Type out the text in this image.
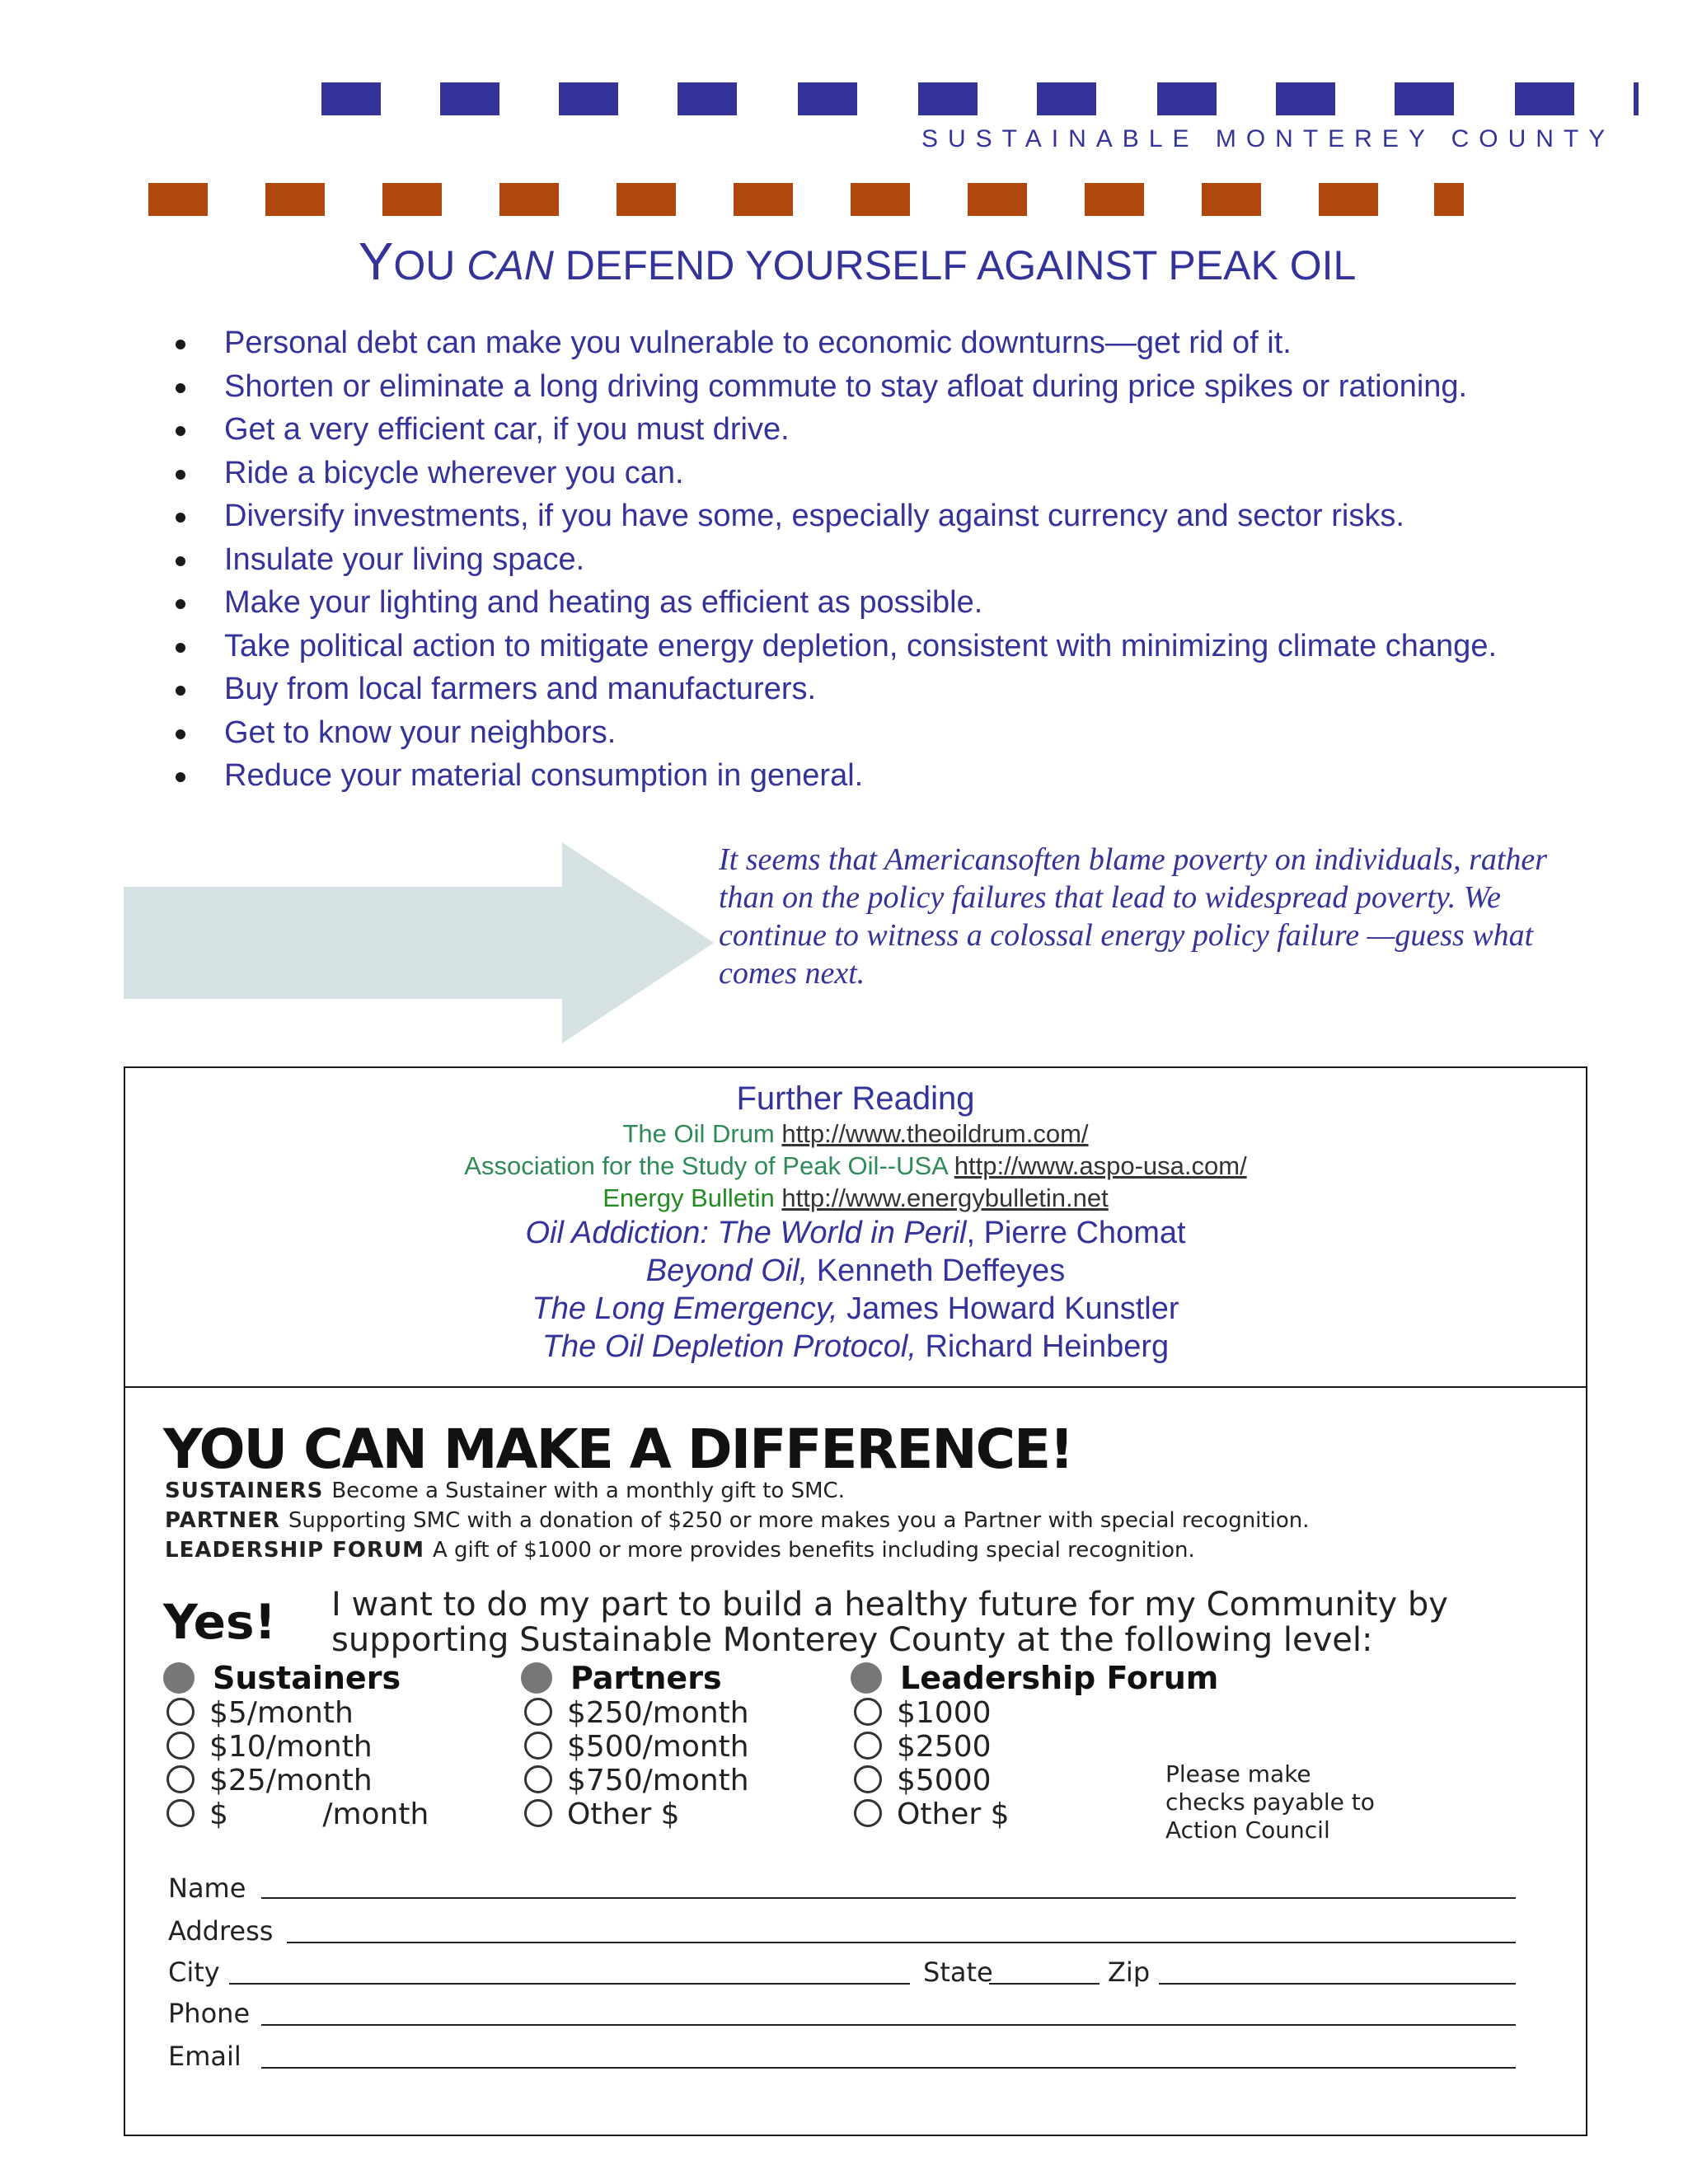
SUSTAINABLE MONTEREY COUNTY
YOU CAN DEFEND YOURSELF AGAINST PEAK OIL
Personal debt can make you vulnerable to economic downturns—get rid of it.
Shorten or eliminate a long driving commute to stay afloat during price spikes or rationing.
Get a very efficient car, if you must drive.
Ride a bicycle wherever you can.
Diversify investments, if you have some, especially against currency and sector risks.
Insulate your living space.
Make your lighting and heating as efficient as possible.
Take political action to mitigate energy depletion, consistent with minimizing climate change.
Buy from local farmers and manufacturers.
Get to know your neighbors.
Reduce your material consumption in general.
It seems that Americansoften blame poverty on individuals, rather than on the policy failures that lead to widespread poverty. We continue to witness a colossal energy policy failure —guess what comes next.
Further Reading
The Oil Drum http://www.theoildrum.com/
Association for the Study of Peak Oil--USA http://www.aspo-usa.com/
Energy Bulletin http://www.energybulletin.net
Oil Addiction: The World in Peril, Pierre Chomat
Beyond Oil, Kenneth Deffeyes
The Long Emergency, James Howard Kunstler
The Oil Depletion Protocol, Richard Heinberg
YOU CAN MAKE A DIFFERENCE!
SUSTAINERS Become a Sustainer with a monthly gift to SMC.
PARTNER Supporting SMC with a donation of $250 or more makes you a Partner with special recognition.
LEADERSHIP FORUM A gift of $1000 or more provides benefits including special recognition.
Yes! I want to do my part to build a healthy future for my Community by supporting Sustainable Monterey County at the following level:
Sustainers
$5/month
$10/month
$25/month
$          /month
Partners
$250/month
$500/month
$750/month
Other $
Leadership Forum
$1000
$2500
$5000
Other $
Please make checks payable to Action Council
Name
Address
City	State	Zip
Phone
Email
